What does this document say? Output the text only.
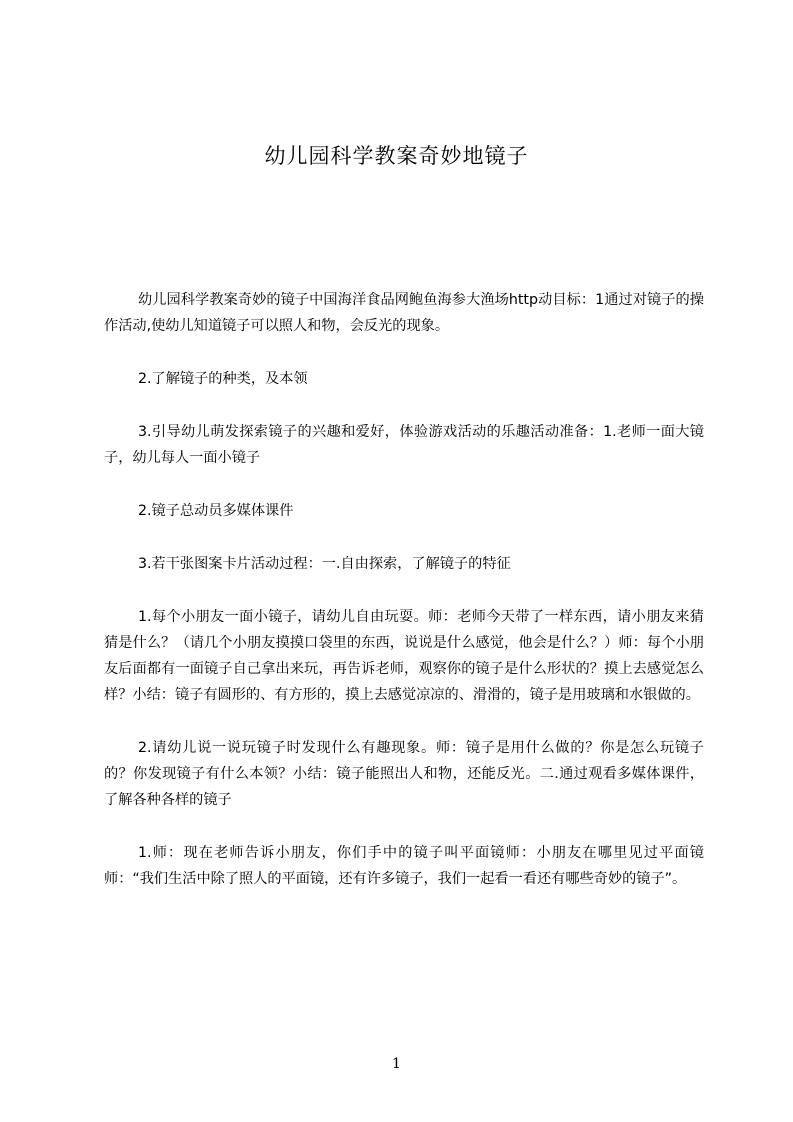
幼儿园科学教案奇妙地镜子

幼儿园科学教案奇妙的镜子中国海洋食品网鲍鱼海参大渔场http动目标：1通过对镜子的操作活动,使幼儿知道镜子可以照人和物，会反光的现象。

2.了解镜子的种类，及本领

3.引导幼儿萌发探索镜子的兴趣和爱好，体验游戏活动的乐趣活动准备：1.老师一面大镜子，幼儿每人一面小镜子

2.镜子总动员多媒体课件

3.若干张图案卡片活动过程：一.自由探索，了解镜子的特征

1.每个小朋友一面小镜子，请幼儿自由玩耍。师：老师今天带了一样东西，请小朋友来猜猜是什么？（请几个小朋友摸摸口袋里的东西，说说是什么感觉，他会是什么？）师：每个小朋友后面都有一面镜子自己拿出来玩，再告诉老师，观察你的镜子是什么形状的？摸上去感觉怎么样？小结：镜子有圆形的、有方形的，摸上去感觉凉凉的、滑滑的，镜子是用玻璃和水银做的。

2.请幼儿说一说玩镜子时发现什么有趣现象。师：镜子是用什么做的？你是怎么玩镜子的？你发现镜子有什么本领？小结：镜子能照出人和物，还能反光。二.通过观看多媒体课件，了解各种各样的镜子

1.师：现在老师告诉小朋友，你们手中的镜子叫平面镜师：小朋友在哪里见过平面镜师：“我们生活中除了照人的平面镜，还有许多镜子，我们一起看一看还有哪些奇妙的镜子”。

1
